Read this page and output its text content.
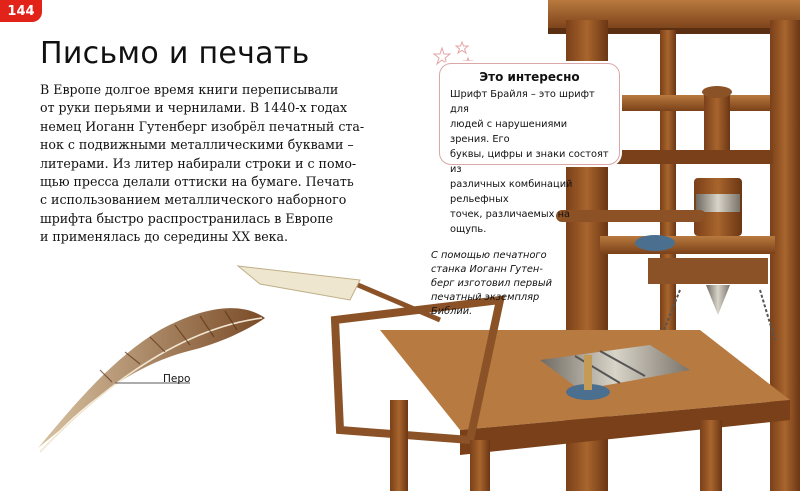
144
Письмо и печать

В Европе долгое время книги переписывали
от руки перьями и чернилами. В 1440-х годах
немец Иоганн Гутенберг изобрёл печатный ста-
нок с подвижными металлическими буквами –
литерами. Из литер набирали строки и с помо-
щью пресса делали оттиски на бумаге. Печать
с использованием металлического наборного
шрифта быстро распространилась в Европе
и применялась до середины ХХ века.

Это интересно

Шрифт Брайля – это шрифт для
людей с нарушениями зрения. Его
буквы, цифры и знаки состоят из
различных комбинаций рельефных
точек, различаемых на ощупь.

С помощью печатного
станка Иоганн Гутен-
берг изготовил первый
печатный экземпляр
Библии.

Перо
